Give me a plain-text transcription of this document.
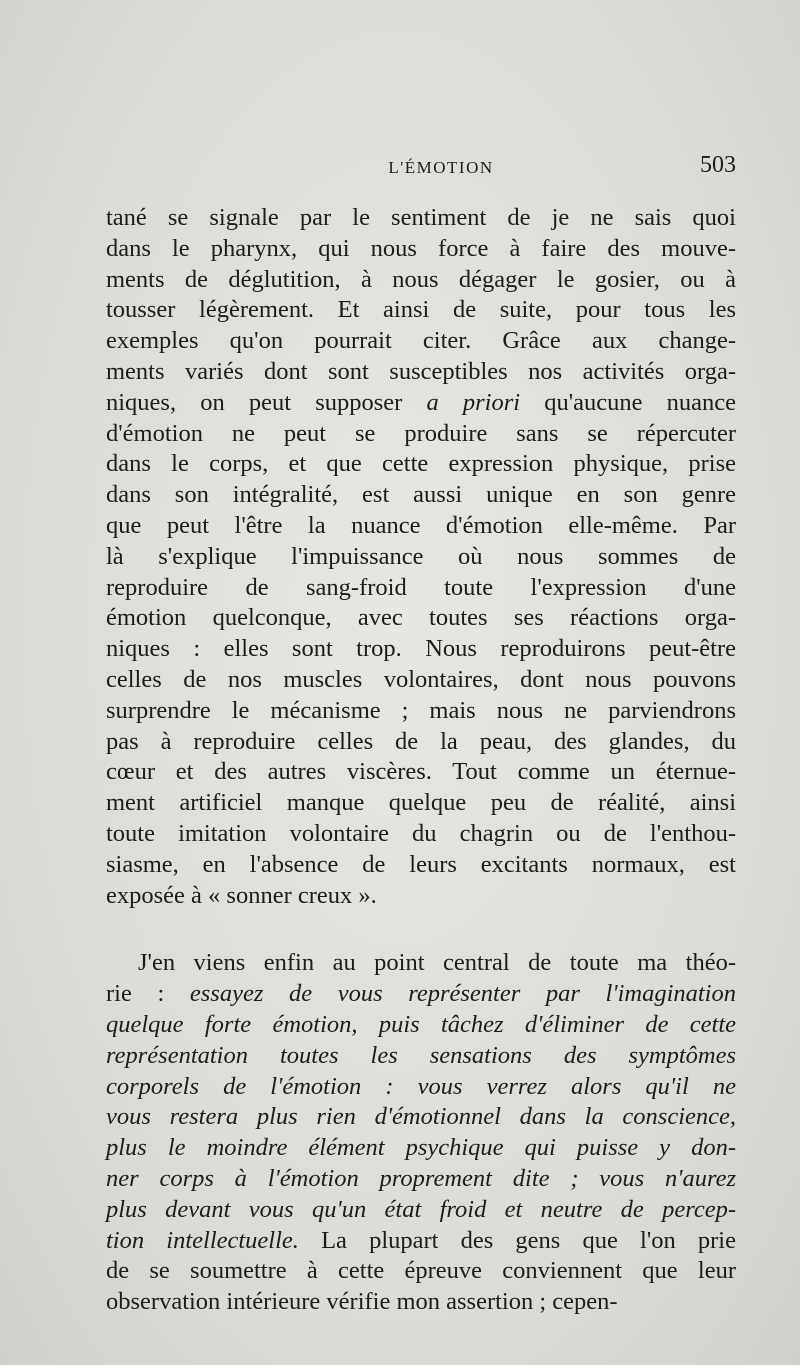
L'ÉMOTION	503
tané se signale par le sentiment de je ne sais quoi
dans le pharynx, qui nous force à faire des mouve-
ments de déglutition, à nous dégager le gosier, ou à
tousser légèrement. Et ainsi de suite, pour tous les
exemples qu'on pourrait citer. Grâce aux change-
ments variés dont sont susceptibles nos activités orga-
niques, on peut supposer a priori qu'aucune nuance
d'émotion ne peut se produire sans se répercuter
dans le corps, et que cette expression physique, prise
dans son intégralité, est aussi unique en son genre
que peut l'être la nuance d'émotion elle-même. Par
là s'explique l'impuissance où nous sommes de
reproduire de sang-froid toute l'expression d'une
émotion quelconque, avec toutes ses réactions orga-
niques : elles sont trop. Nous reproduirons peut-être
celles de nos muscles volontaires, dont nous pouvons
surprendre le mécanisme ; mais nous ne parviendrons
pas à reproduire celles de la peau, des glandes, du
cœur et des autres viscères. Tout comme un éternue-
ment artificiel manque quelque peu de réalité, ainsi
toute imitation volontaire du chagrin ou de l'enthou-
siasme, en l'absence de leurs excitants normaux, est
exposée à « sonner creux ».
J'en viens enfin au point central de toute ma théo-
rie : essayez de vous représenter par l'imagination
quelque forte émotion, puis tâchez d'éliminer de cette
représentation toutes les sensations des symptômes
corporels de l'émotion : vous verrez alors qu'il ne
vous restera plus rien d'émotionnel dans la conscience,
plus le moindre élément psychique qui puisse y don-
ner corps à l'émotion proprement dite ; vous n'aurez
plus devant vous qu'un état froid et neutre de percep-
tion intellectuelle. La plupart des gens que l'on prie
de se soumettre à cette épreuve conviennent que leur
observation intérieure vérifie mon assertion ; cepen-
